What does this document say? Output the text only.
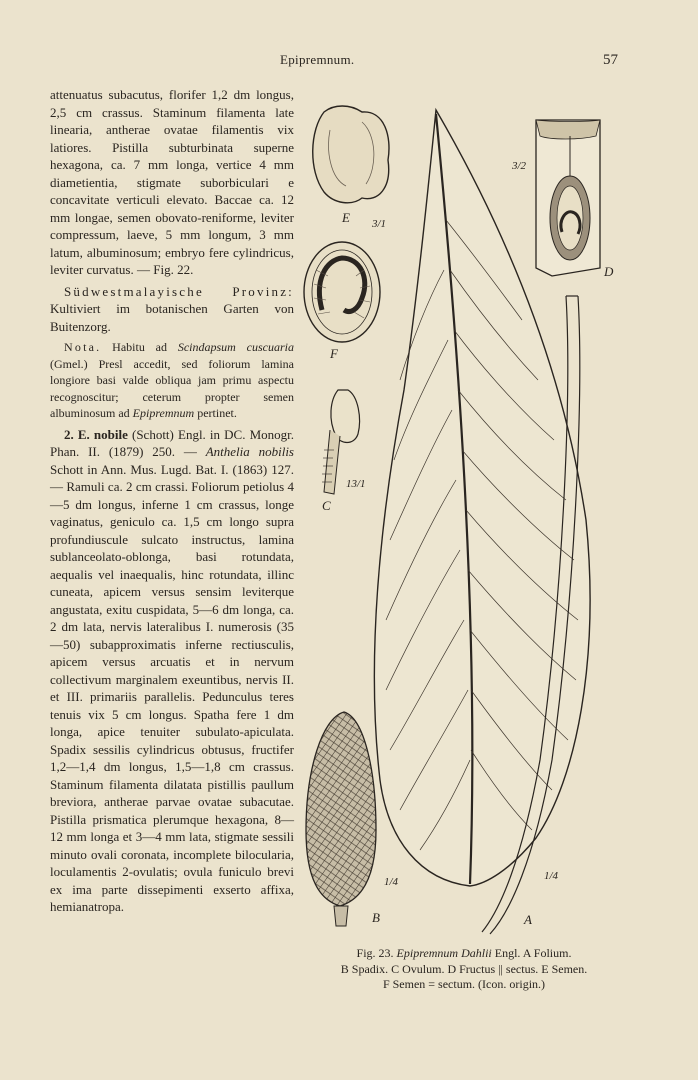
Epipremnum.	57

attenuatus subacutus, florifer 1,2 dm longus, 2,5 cm crassus. Staminum filamenta late linearia, antherae ovatae filamentis vix latiores. Pistilla subturbinata superne hexagona, ca. 7 mm longa, vertice 4 mm diametientia, stigmate suborbiculari e concavitate verticuli elevato. Baccae ca. 12 mm longae, semen obovato-reniforme, leviter compressum, laeve, 5 mm longum, 3 mm latum, albuminosum; embryo fere cylindricus, leviter curvatus. — Fig. 22.

Südwestmalayische Provinz: Kultiviert im botanischen Garten von Buitenzorg.

Nota. Habitu ad Scindapsum cuscuaria (Gmel.) Presl accedit, sed foliorum lamina longiore basi valde obliqua jam primu aspectu recognoscitur; ceterum propter semen albuminosum ad Epipremnum pertinet.

2. E. nobile (Schott) Engl. in DC. Monogr. Phan. II. (1879) 250. — Anthelia nobilis Schott in Ann. Mus. Lugd. Bat. I. (1863) 127. — Ramuli ca. 2 cm crassi. Foliorum petiolus 4—5 dm longus, inferne 1 cm crassus, longe vaginatus, geniculo ca. 1,5 cm longo supra profundiuscule sulcato instructus, lamina sublanceolato-oblonga, basi rotundata, aequalis vel inaequalis, hinc rotundata, illinc cuneata, apicem versus sensim leviterque angustata, exitu cuspidata, 5—6 dm longa, ca. 2 dm lata, nervis lateralibus I. numerosis (35—50) subapproximatis inferne rectiusculis, apicem versus arcuatis et in nervum collectivum marginalem exeuntibus, nervis II. et III. primariis parallelis. Pedunculus teres tenuis vix 5 cm longus. Spatha fere 1 dm longa, apice tenuiter subulato-apiculata. Spadix sessilis cylindricus obtusus, fructifer 1,2—1,4 dm longus, 1,5—1,8 cm crassus. Staminum filamenta dilatata pistillis paullum breviora, antherae parvae ovatae subacutae. Pistilla prismatica plerumque hexagona, 8—12 mm longa et 3—4 mm lata, stigmate sessili minuto ovali coronata, incomplete bilocularia, loculamentis 2-ovulatis; ovula funiculo brevi ex ima parte dissepimenti exserto affixa, hemianatropa.

E 3/1
F
C
13/1
3/2
D
1/4
B
1/4
A
Fig. 23. Epipremnum Dahlii Engl. A Folium.
B Spadix. C Ovulum. D Fructus || sectus. E Semen.
F Semen = sectum. (Icon. origin.)
